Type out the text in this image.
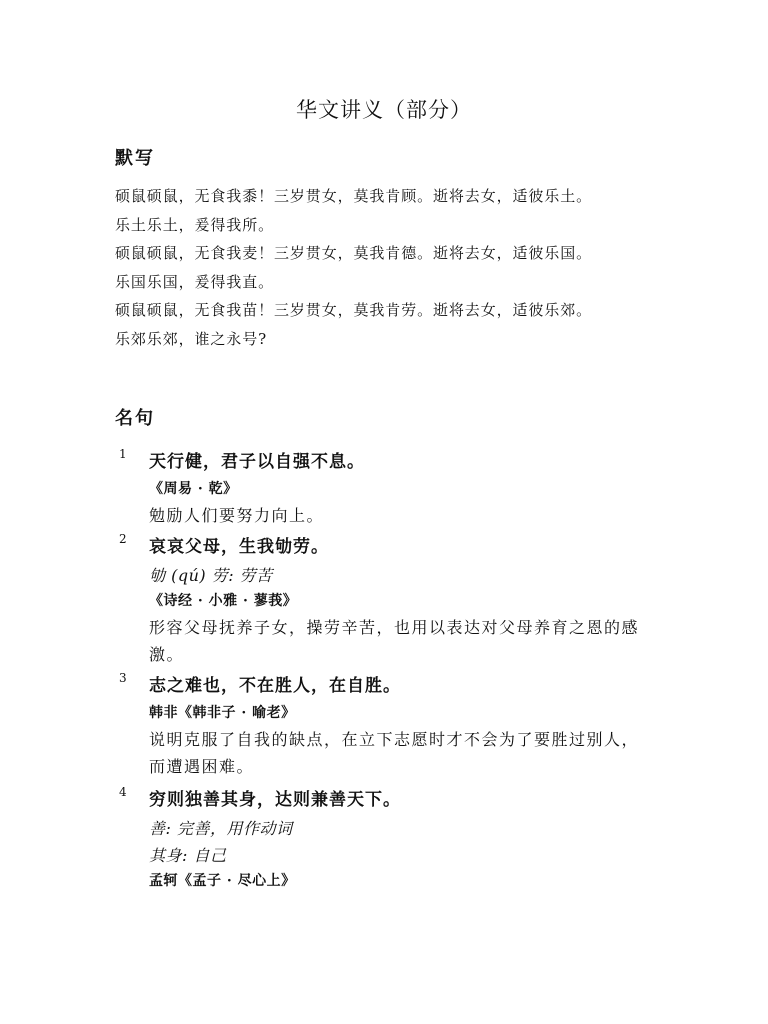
华文讲义（部分）
默写
硕鼠硕鼠，无食我黍！三岁贯女，莫我肯顾。逝将去女，适彼乐土。
乐土乐土，爰得我所。
硕鼠硕鼠，无食我麦！三岁贯女，莫我肯德。逝将去女，适彼乐国。
乐国乐国，爰得我直。
硕鼠硕鼠，无食我苗！三岁贯女，莫我肯劳。逝将去女，适彼乐郊。
乐郊乐郊，谁之永号?
名句
1 天行健，君子以自强不息。
《周易 · 乾》
勉励人们要努力向上。
2 哀哀父母，生我劬劳。
劬 (qú) 劳: 劳苦
《诗经 · 小雅 · 蓼莪》
形容父母抚养子女，操劳辛苦，也用以表达对父母养育之恩的感激。
3 志之难也，不在胜人，在自胜。
韩非《韩非子 · 喻老》
说明克服了自我的缺点，在立下志愿时才不会为了要胜过别人，而遭遇困难。
4 穷则独善其身，达则兼善天下。
善: 完善，用作动词
其身: 自己
孟轲《孟子 · 尽心上》
